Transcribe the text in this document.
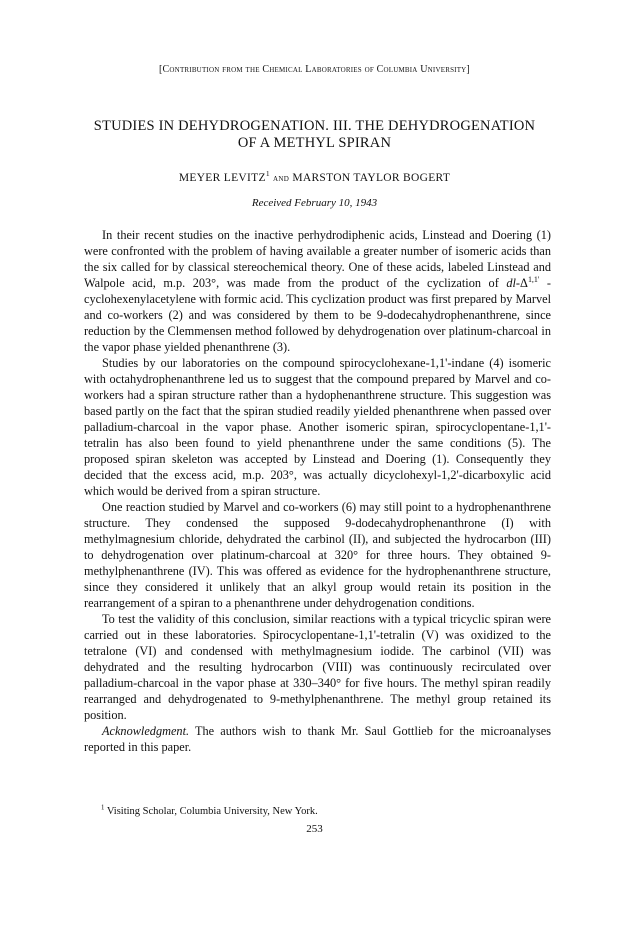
[Contribution from the Chemical Laboratories of Columbia University]
STUDIES IN DEHYDROGENATION. III. THE DEHYDROGENATION
OF A METHYL SPIRAN
MEYER LEVITZ$^1$ and MARSTON TAYLOR BOGERT
Received February 10, 1943

In their recent studies on the inactive perhydrodiphenic acids, Linstead and Doering (1) were confronted with the problem of having available a greater number of isomeric acids than the six called for by classical stereochemical theory. One of these acids, labeled Linstead and Walpole acid, m.p. 203°, was made from the product of the cyclization of $dl-\Delta^{1,1'}$ -cyclohexenylacetylene with formic acid. This cyclization product was first prepared by Marvel and co-workers (2) and was considered by them to be 9-dodecahydrophenanthrene, since reduction by the Clemmensen method followed by dehydrogenation over platinum-charcoal in the vapor phase yielded phenanthrene (3).

Studies by our laboratories on the compound spirocyclohexane-1,1'-indane (4) isomeric with octahydrophenanthrene led us to suggest that the compound prepared by Marvel and co-workers had a spiran structure rather than a hydophenanthrene structure. This suggestion was based partly on the fact that the spiran studied readily yielded phenanthrene when passed over palladium-charcoal in the vapor phase. Another isomeric spiran, spirocyclopentane-1,1'-tetralin has also been found to yield phenanthrene under the same conditions (5). The proposed spiran skeleton was accepted by Linstead and Doering (1). Consequently they decided that the excess acid, m.p. 203°, was actually dicyclohexyl-1,2'-dicarboxylic acid which would be derived from a spiran structure.

One reaction studied by Marvel and co-workers (6) may still point to a hydrophenanthrene structure. They condensed the supposed 9-dodecahydrophenanthrone (I) with methylmagnesium chloride, dehydrated the carbinol (II), and subjected the hydrocarbon (III) to dehydrogenation over platinum-charcoal at 320° for three hours. They obtained 9-methylphenanthrene (IV). This was offered as evidence for the hydrophenanthrene structure, since they considered it unlikely that an alkyl group would retain its position in the rearrangement of a spiran to a phenanthrene under dehydrogenation conditions.

To test the validity of this conclusion, similar reactions with a typical tricyclic spiran were carried out in these laboratories. Spirocyclopentane-1,1'-tetralin (V) was oxidized to the tetralone (VI) and condensed with methylmagnesium iodide. The carbinol (VII) was dehydrated and the resulting hydrocarbon (VIII) was continuously recirculated over palladium-charcoal in the vapor phase at 330–340° for five hours. The methyl spiran readily rearranged and dehydrogenated to 9-methylphenanthrene. The methyl group retained its position.

Acknowledgment. The authors wish to thank Mr. Saul Gottlieb for the microanalyses reported in this paper.

$^1$ Visiting Scholar, Columbia University, New York.
253
